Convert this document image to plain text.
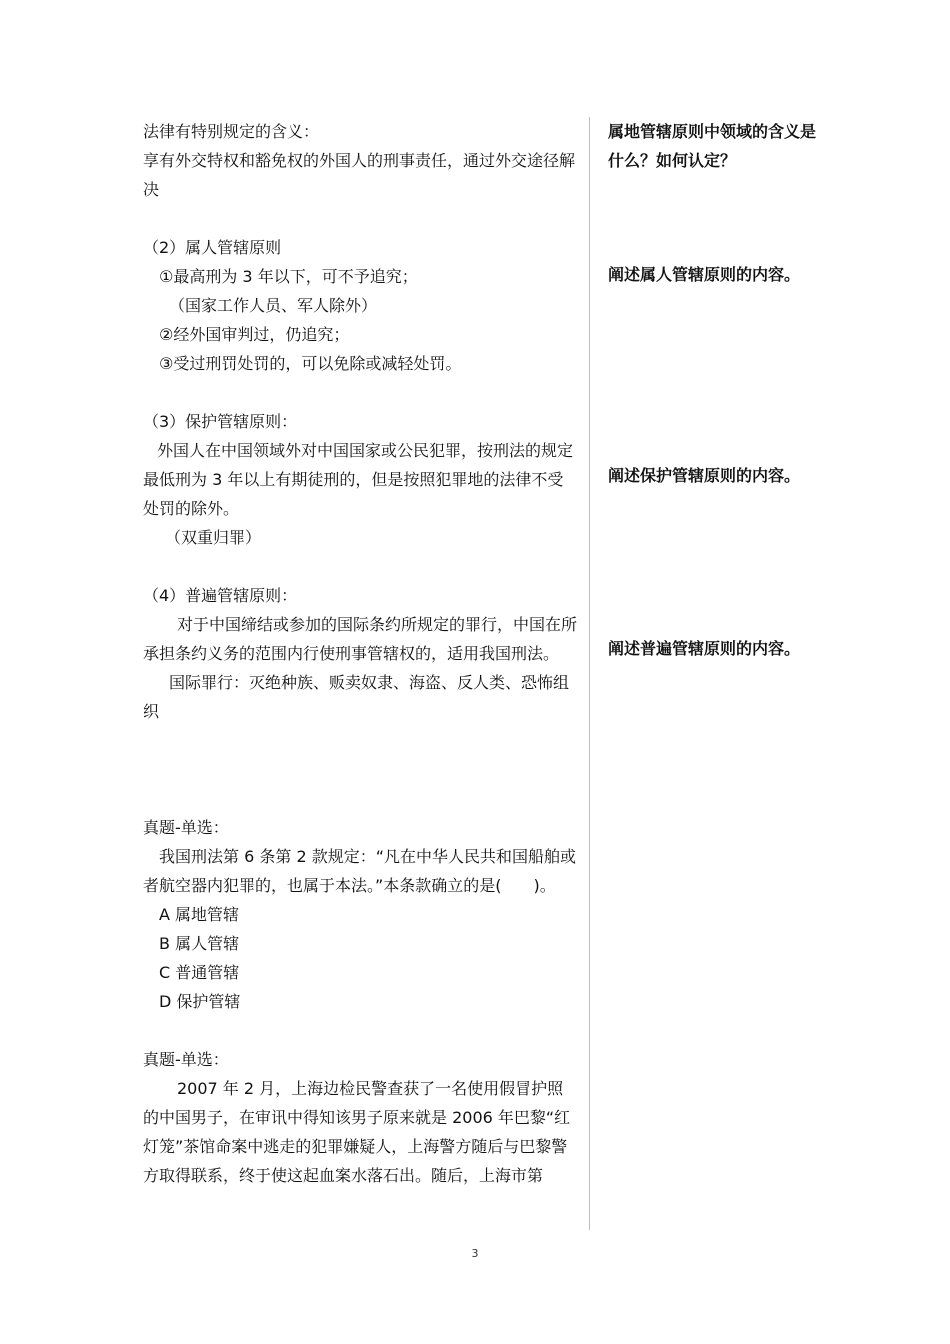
法律有特别规定的含义：
享有外交特权和豁免权的外国人的刑事责任，通过外交途径解决
（2）属人管辖原则
①最高刑为 3 年以下，可不予追究；
（国家工作人员、军人除外）
②经外国审判过，仍追究；
③受过刑罚处罚的，可以免除或减轻处罚。
（3）保护管辖原则：
外国人在中国领域外对中国国家或公民犯罪，按刑法的规定最低刑为 3 年以上有期徒刑的，但是按照犯罪地的法律不受处罚的除外。
（双重归罪）
（4）普遍管辖原则：
对于中国缔结或参加的国际条约所规定的罪行，中国在所承担条约义务的范围内行使刑事管辖权的，适用我国刑法。
国际罪行：灭绝种族、贩卖奴隶、海盗、反人类、恐怖组织
真题-单选：
我国刑法第 6 条第 2 款规定：“凡在中华人民共和国船舶或者航空器内犯罪的，也属于本法。”本条款确立的是(　　)。
A 属地管辖
B 属人管辖
C 普通管辖
D 保护管辖
真题-单选：
2007 年 2 月，上海边检民警查获了一名使用假冒护照的中国男子，在审讯中得知该男子原来就是 2006 年巴黎“红灯笼”茶馆命案中逃走的犯罪嫌疑人，上海警方随后与巴黎警方取得联系，终于使这起血案水落石出。随后，上海市第
属地管辖原则中领域的含义是什么？如何认定？
阐述属人管辖原则的内容。
阐述保护管辖原则的内容。
阐述普遍管辖原则的内容。
3
